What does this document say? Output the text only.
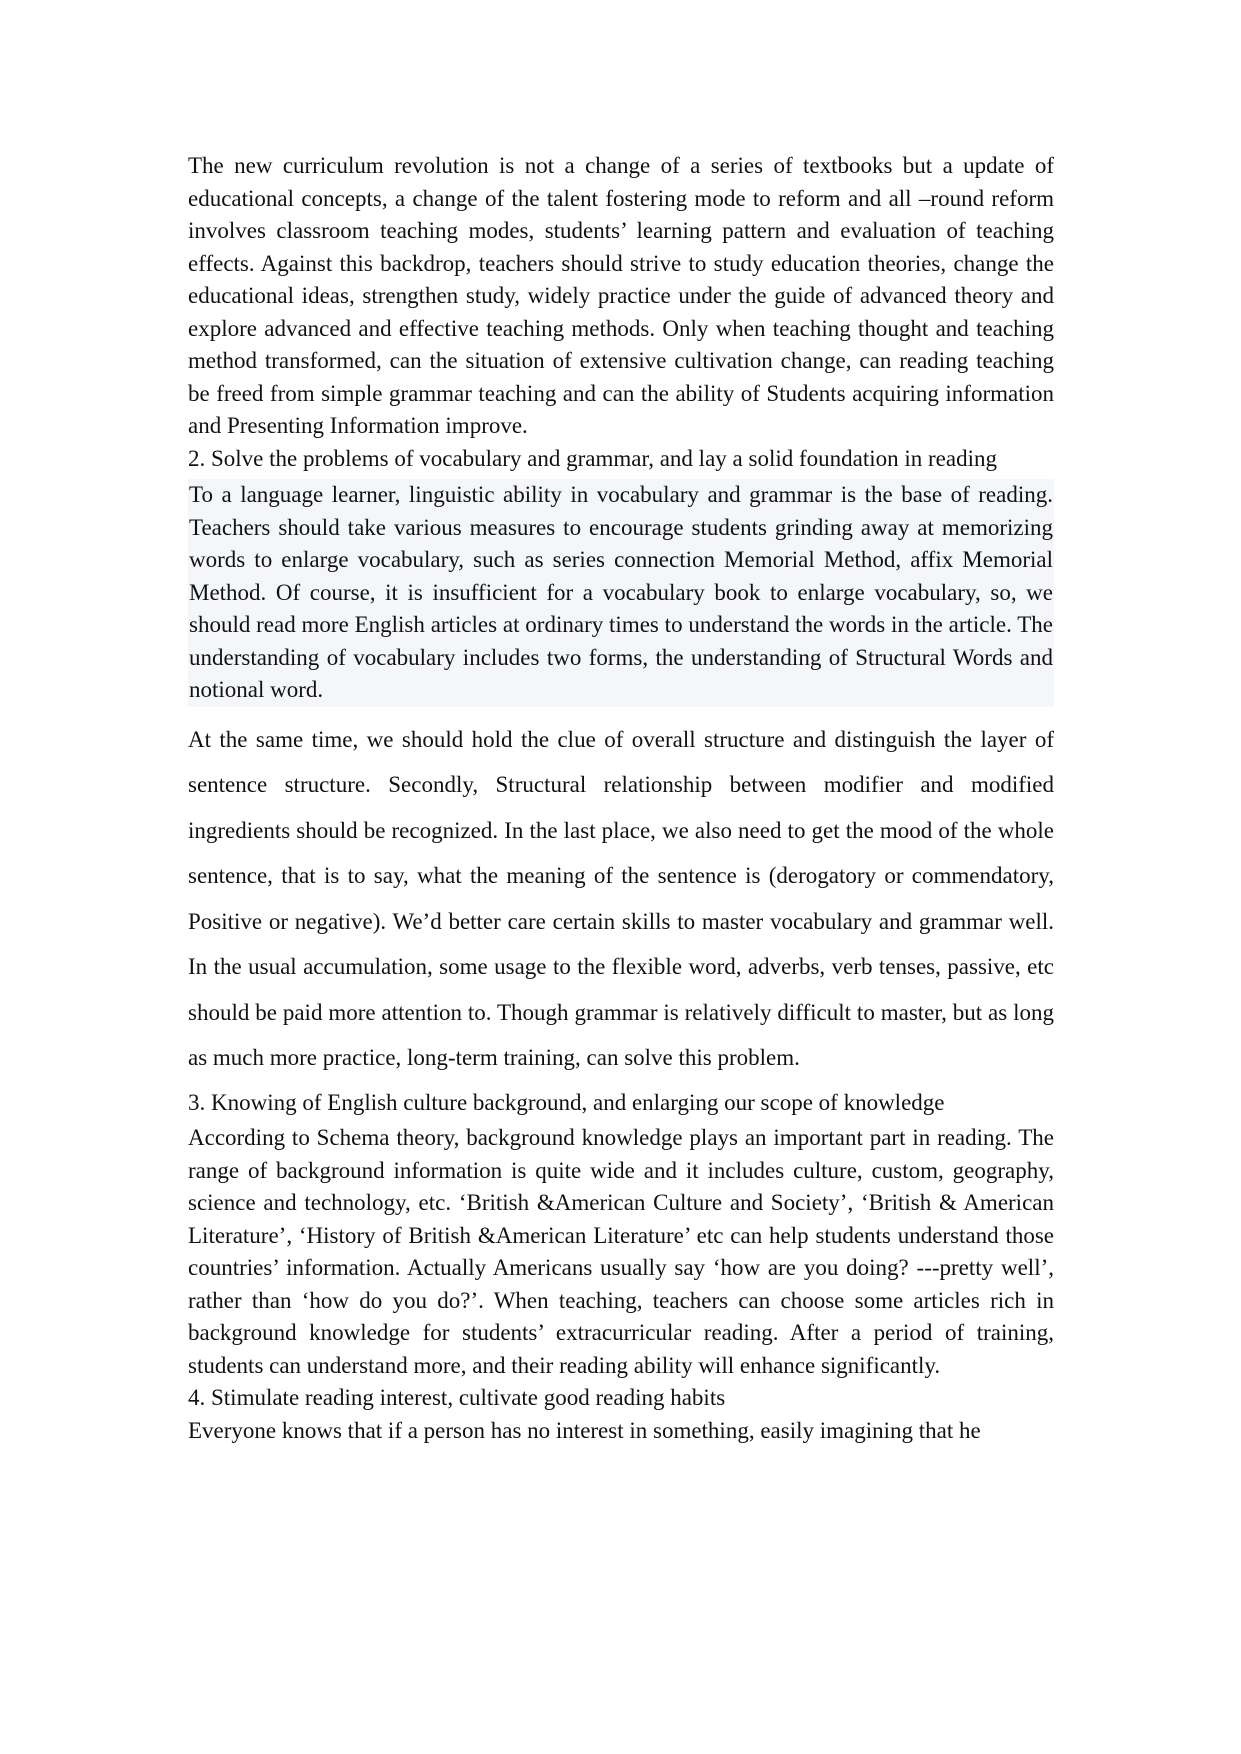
The new curriculum revolution is not a change of a series of textbooks but a update of educational concepts, a change of the talent fostering mode to reform and all –round reform involves classroom teaching modes, students’ learning pattern and evaluation of teaching effects. Against this backdrop, teachers should strive to study education theories, change the educational ideas, strengthen study, widely practice under the guide of advanced theory and explore advanced and effective teaching methods. Only when teaching thought and teaching method transformed, can the situation of extensive cultivation change, can reading teaching be freed from simple grammar teaching and can the ability of Students acquiring information and Presenting Information improve.

2. Solve the problems of vocabulary and grammar, and lay a solid foundation in reading

To a language learner, linguistic ability in vocabulary and grammar is the base of reading. Teachers should take various measures to encourage students grinding away at memorizing words to enlarge vocabulary, such as series connection Memorial Method, affix Memorial Method. Of course, it is insufficient for a vocabulary book to enlarge vocabulary, so, we should read more English articles at ordinary times to understand the words in the article. The understanding of vocabulary includes two forms, the understanding of Structural Words and notional word.

At the same time, we should hold the clue of overall structure and distinguish the layer of sentence structure. Secondly, Structural relationship between modifier and modified ingredients should be recognized. In the last place, we also need to get the mood of the whole sentence, that is to say, what the meaning of the sentence is (derogatory or commendatory, Positive or negative). We’d better care certain skills to master vocabulary and grammar well. In the usual accumulation, some usage to the flexible word, adverbs, verb tenses, passive, etc should be paid more attention to. Though grammar is relatively difficult to master, but as long as much more practice, long-term training, can solve this problem.

3. Knowing of English culture background, and enlarging our scope of knowledge

According to Schema theory, background knowledge plays an important part in reading. The range of background information is quite wide and it includes culture, custom, geography, science and technology, etc. ‘British &American Culture and Society’, ‘British & American Literature’, ‘History of British &American Literature’ etc can help students understand those countries’ information. Actually Americans usually say ‘how are you doing? ---pretty well’, rather than ‘how do you do?’. When teaching, teachers can choose some articles rich in background knowledge for students’ extracurricular reading. After a period of training, students can understand more, and their reading ability will enhance significantly.

4. Stimulate reading interest, cultivate good reading habits

Everyone knows that if a person has no interest in something, easily imagining that he
